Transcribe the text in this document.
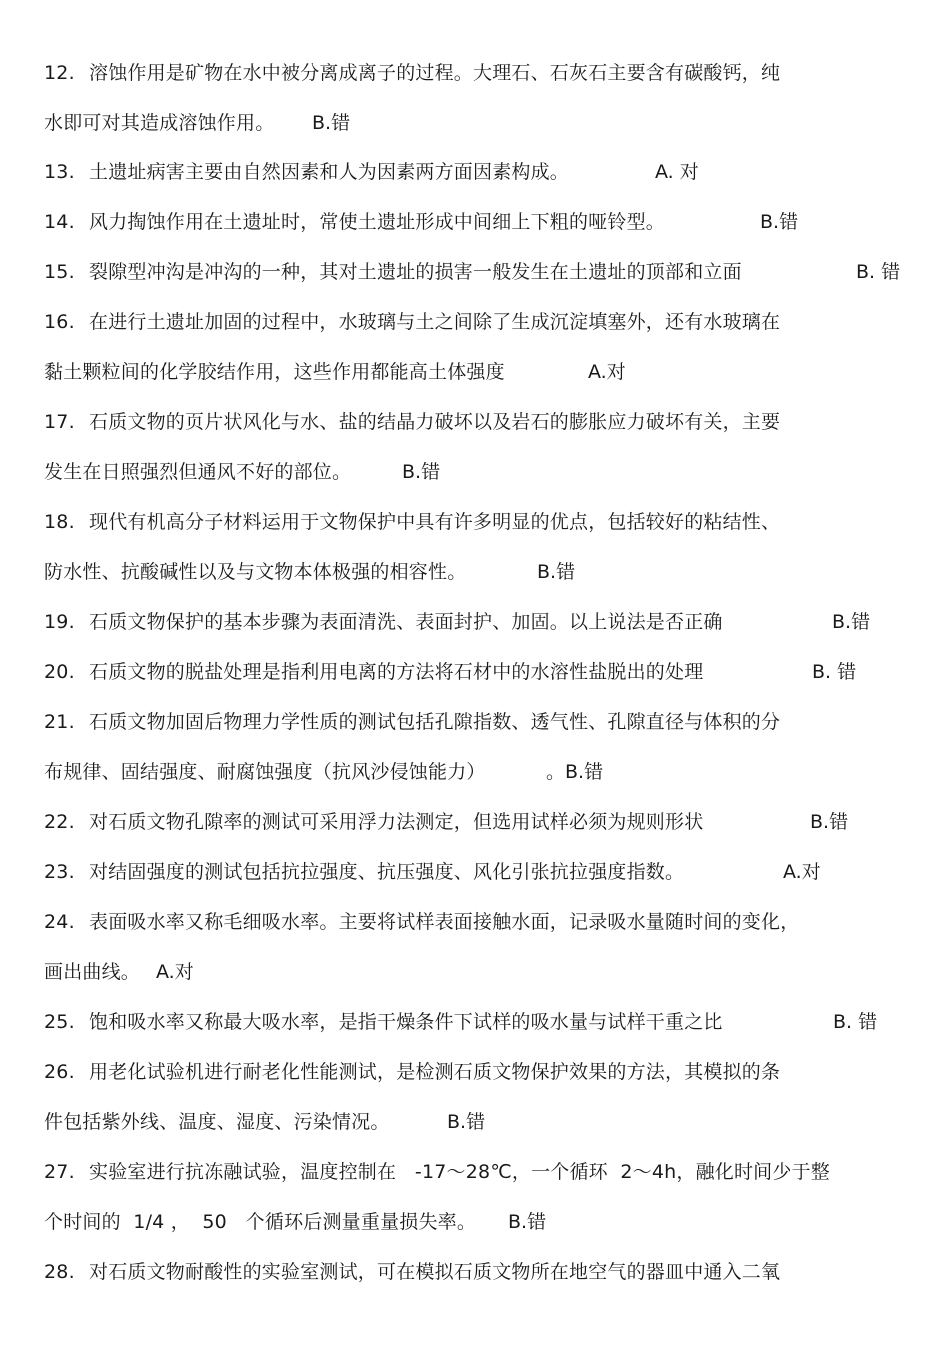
12. 溶蚀作用是矿物在水中被分离成离子的过程。大理石、石灰石主要含有碳酸钙，纯
水即可对其造成溶蚀作用。 B.错
13. 土遗址病害主要由自然因素和人为因素两方面因素构成。	A. 对
14. 风力掏蚀作用在土遗址时，常使土遗址形成中间细上下粗的哑铃型。	B.错
15. 裂隙型冲沟是冲沟的一种，其对土遗址的损害一般发生在土遗址的顶部和立面	B. 错
16. 在进行土遗址加固的过程中，水玻璃与土之间除了生成沉淀填塞外，还有水玻璃在
黏土颗粒间的化学胶结作用，这些作用都能高土体强度	A.对
17. 石质文物的页片状风化与水、盐的结晶力破坏以及岩石的膨胀应力破坏有关，主要
发生在日照强烈但通风不好的部位。	B.错
18. 现代有机高分子材料运用于文物保护中具有许多明显的优点，包括较好的粘结性、
防水性、抗酸碱性以及与文物本体极强的相容性。	B.错
19. 石质文物保护的基本步骤为表面清洗、表面封护、加固。以上说法是否正确	B.错
20. 石质文物的脱盐处理是指利用电离的方法将石材中的水溶性盐脱出的处理	B. 错
21. 石质文物加固后物理力学性质的测试包括孔隙指数、透气性、孔隙直径与体积的分
布规律、固结强度、耐腐蚀强度（抗风沙侵蚀能力）	。B.错
22. 对石质文物孔隙率的测试可采用浮力法测定，但选用试样必须为规则形状	B.错
23. 对结固强度的测试包括抗拉强度、抗压强度、风化引张抗拉强度指数。	A.对
24. 表面吸水率又称毛细吸水率。主要将试样表面接触水面，记录吸水量随时间的变化，
画出曲线。 A.对
25. 饱和吸水率又称最大吸水率，是指干燥条件下试样的吸水量与试样干重之比	B. 错
26. 用老化试验机进行耐老化性能测试，是检测石质文物保护效果的方法，其模拟的条
件包括紫外线、温度、湿度、污染情况。	B.错
27. 实验室进行抗冻融试验，温度控制在   -17～28℃，一个循环  2～4h，融化时间少于整
个时间的  1/4 ，  50   个循环后测量重量损失率。 B.错
28. 对石质文物耐酸性的实验室测试，可在模拟石质文物所在地空气的器皿中通入二氧
